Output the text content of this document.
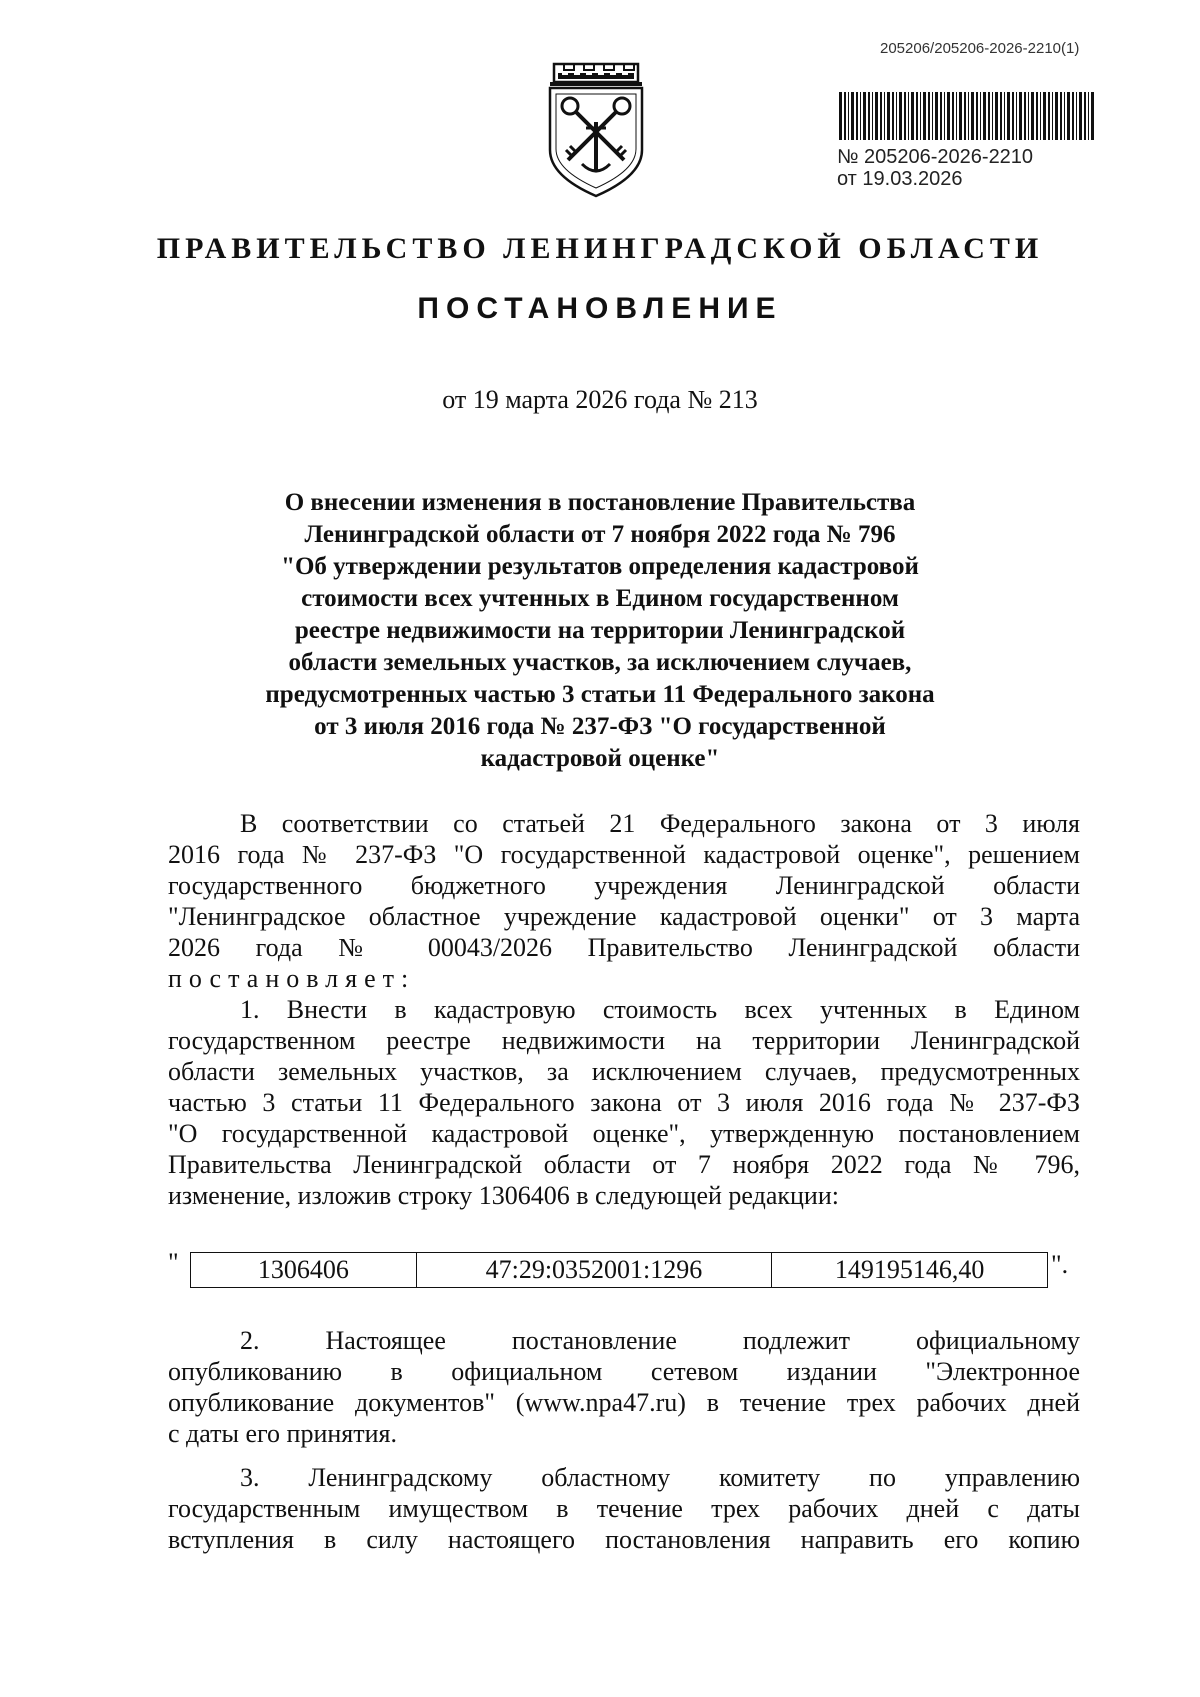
205206/205206-2026-2210(1)
№ 205206-2026-2210
от 19.03.2026
ПРАВИТЕЛЬСТВО ЛЕНИНГРАДСКОЙ ОБЛАСТИ
ПОСТАНОВЛЕНИЕ
от 19 марта 2026 года № 213
О внесении изменения в постановление Правительства
Ленинградской области от 7 ноября 2022 года № 796
"Об утверждении результатов определения кадастровой
стоимости всех учтенных в Едином государственном
реестре недвижимости на территории Ленинградской
области земельных участков, за исключением случаев,
предусмотренных частью 3 статьи 11 Федерального закона
от 3 июля 2016 года № 237-ФЗ "О государственной
кадастровой оценке"
В соответствии со статьей 21 Федерального закона от 3 июля
2016 года № 237-ФЗ "О государственной кадастровой оценке", решением
государственного бюджетного учреждения Ленинградской области
"Ленинградское областное учреждение кадастровой оценки" от 3 марта
2026 года № 00043/2026 Правительство Ленинградской области
постановляет:
1. Внести в кадастровую стоимость всех учтенных в Едином
государственном реестре недвижимости на территории Ленинградской
области земельных участков, за исключением случаев, предусмотренных
частью 3 статьи 11 Федерального закона от 3 июля 2016 года № 237-ФЗ
"О государственной кадастровой оценке", утвержденную постановлением
Правительства Ленинградской области от 7 ноября 2022 года № 796,
изменение, изложив строку 1306406 в следующей редакции:
"	1306406	47:29:0352001:1296	149195146,40	".
2. Настоящее постановление подлежит официальному
опубликованию в официальном сетевом издании "Электронное
опубликование документов" (www.npa47.ru) в течение трех рабочих дней
с даты его принятия.
3. Ленинградскому областному комитету по управлению
государственным имуществом в течение трех рабочих дней с даты
вступления в силу настоящего постановления направить его копию
